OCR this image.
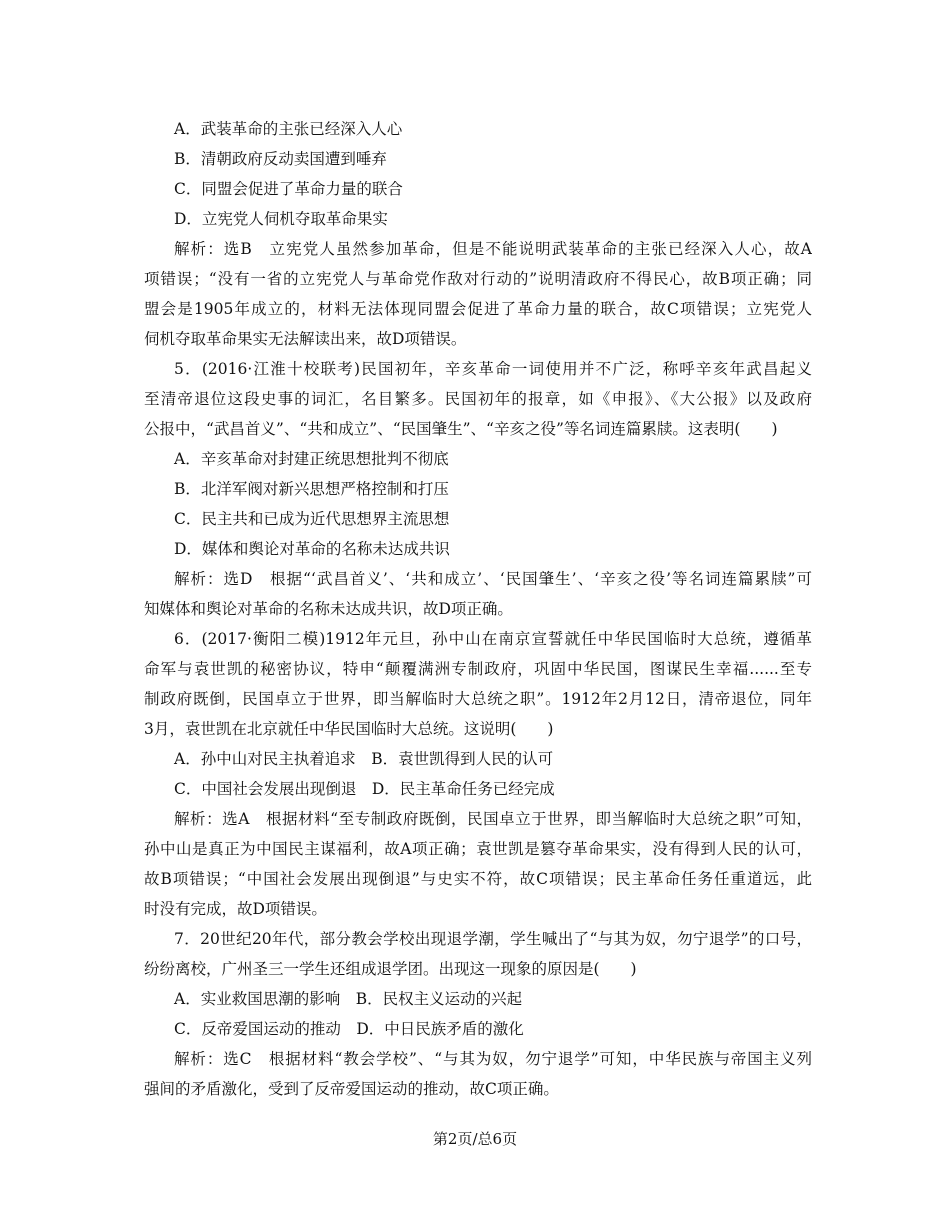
A．武装革命的主张已经深入人心
B．清朝政府反动卖国遭到唾弃
C．同盟会促进了革命力量的联合
D．立宪党人伺机夺取革命果实
解析：选B　立宪党人虽然参加革命，但是不能说明武装革命的主张已经深入人心，故A
项错误；“没有一省的立宪党人与革命党作敌对行动的”说明清政府不得民心，故B项正确；同
盟会是1905年成立的，材料无法体现同盟会促进了革命力量的联合，故C项错误；立宪党人
伺机夺取革命果实无法解读出来，故D项错误。
5．(2016·江淮十校联考)民国初年，辛亥革命一词使用并不广泛，称呼辛亥年武昌起义
至清帝退位这段史事的词汇，名目繁多。民国初年的报章，如《申报》、《大公报》以及政府
公报中，“武昌首义”、“共和成立”、“民国肇生”、“辛亥之役”等名词连篇累牍。这表明(　　)
A．辛亥革命对封建正统思想批判不彻底
B．北洋军阀对新兴思想严格控制和打压
C．民主共和已成为近代思想界主流思想
D．媒体和舆论对革命的名称未达成共识
解析：选D　根据“‘武昌首义’、‘共和成立’、‘民国肇生’、‘辛亥之役’等名词连篇累牍”可
知媒体和舆论对革命的名称未达成共识，故D项正确。
6．(2017·衡阳二模)1912年元旦，孙中山在南京宣誓就任中华民国临时大总统，遵循革
命军与袁世凯的秘密协议，特申“颠覆满洲专制政府，巩固中华民国，图谋民生幸福......至专
制政府既倒，民国卓立于世界，即当解临时大总统之职”。1912年2月12日，清帝退位，同年
3月，袁世凯在北京就任中华民国临时大总统。这说明(　　)
A．孙中山对民主执着追求　B．袁世凯得到人民的认可
C．中国社会发展出现倒退　D．民主革命任务已经完成
解析：选A　根据材料“至专制政府既倒，民国卓立于世界，即当解临时大总统之职”可知，
孙中山是真正为中国民主谋福利，故A项正确；袁世凯是篡夺革命果实，没有得到人民的认可，
故B项错误；“中国社会发展出现倒退”与史实不符，故C项错误；民主革命任务任重道远，此
时没有完成，故D项错误。
7．20世纪20年代，部分教会学校出现退学潮，学生喊出了“与其为奴，勿宁退学”的口号，
纷纷离校，广州圣三一学生还组成退学团。出现这一现象的原因是(　　)
A．实业救国思潮的影响　B．民权主义运动的兴起
C．反帝爱国运动的推动　D．中日民族矛盾的激化
解析：选C　根据材料“教会学校”、“与其为奴，勿宁退学”可知，中华民族与帝国主义列
强间的矛盾激化，受到了反帝爱国运动的推动，故C项正确。
第2页/总6页
